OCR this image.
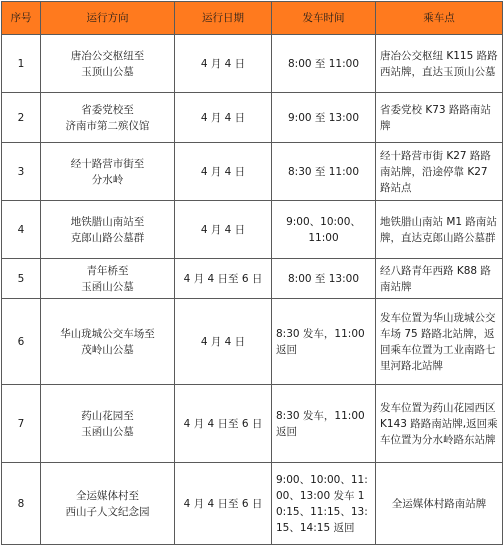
序号	运行方向	运行日期	发车时间	乘车点
1	唐冶公交枢纽至
玉顶山公墓	4 月 4 日	8:00 至 11:00	唐冶公交枢纽 K115 路路西站牌，直达玉顶山公墓
2	省委党校至
济南市第二殡仪馆	4 月 4 日	9:00 至 13:00	省委党校 K73 路路南站牌
3	经十路营市街至
分水岭	4 月 4 日	8:30 至 11:00	经十路营市街 K27 路路南站牌，沿途停靠 K27 路站点
4	地铁腊山南站至
克郎山路公墓群	4 月 4 日	9:00、10:00、11:00	地铁腊山南站 M1 路南站牌，直达克郎山路公墓群
5	青年桥至
玉函山公墓	4 月 4 日至 6 日	8:00 至 13:00	经八路青年西路 K88 路南站牌
6	华山珑城公交车场至
茂岭山公墓	4 月 4 日	8:30 发车，11:00 返回	发车位置为华山珑城公交车场 75 路路北站牌，返回乘车位置为工业南路七里河路北站牌
7	药山花园至
玉函山公墓	4 月 4 日至 6 日	8:30 发车，11:00 返回	发车位置为药山花园西区 K143 路路南站牌,返回乘车位置为分水岭路东站牌
8	全运媒体村至
西山子人文纪念园	4 月 4 日至 6 日	9:00、10:00、11:00、13:00 发车 10:15、11:15、13:15、14:15 返回	全运媒体村路南站牌
